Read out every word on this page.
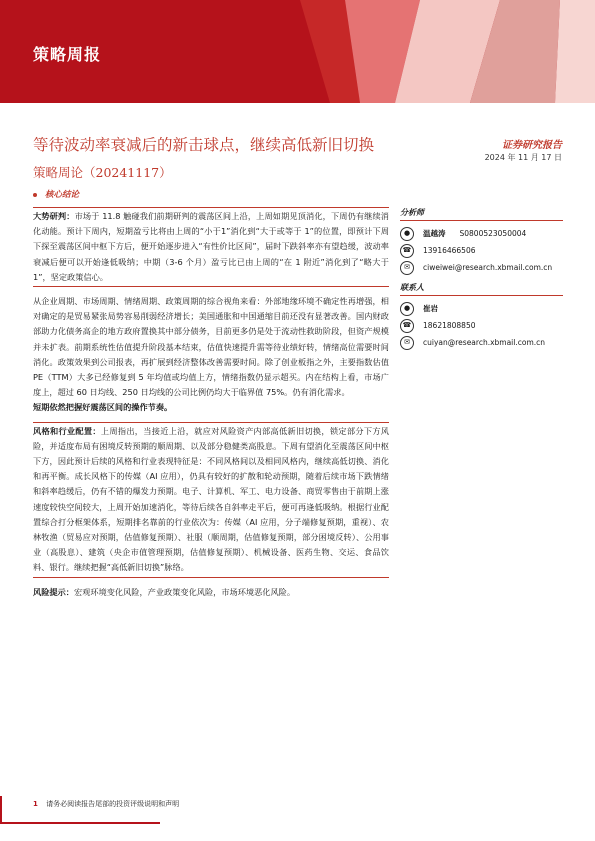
策略周报
等待波动率衰减后的新击球点，继续高低新旧切换
策略周论（20241117）
证券研究报告
2024 年 11 月 17 日
核心结论

大势研判：市场于 11.8 触碰我们前期研判的震荡区间上沿，上周如期见顶消化，下周仍有继续消化动能。预计下周内，短期盈亏比将由上周的“小于1”消化到“大于或等于 1”的位置，即预计下周下探至震荡区间中枢下方后，便开始逐步进入“有性价比区间”，届时下跌斜率亦有望趋缓，波动率衰减后便可以开始逢低吸纳；中期（3-6 个月）盈亏比已由上周的“在 1 附近”消化到了“略大于 1”，坚定政策信心。

从企业周期、市场周期、情绪周期、政策周期的综合视角来看：外部地缘环境不确定性再增强，相对确定的是贸易紧张局势容易削弱经济增长；美国通胀和中国通缩目前还没有显著改善。国内财政部助力化债务高企的地方政府置换其中部分债务，目前更多仍是处于流动性救助阶段，但资产规模并未扩表。前期系统性估值提升阶段基本结束，估值快速提升需等待业绩好转，情绪高位需要时间消化。政策效果到公司报表，再扩展到经济整体改善需要时间。除了创业板指之外，主要指数估值 PE（TTM）大多已经修复到 5 年均值或均值上方，情绪指数仍显示超买。内在结构上看，市场广度上，超过 60 日均线、250 日均线的公司比例仍均大于临界值 75%。仍有消化需求。

短期依然把握好震荡区间的操作节奏。

风格和行业配置：上周指出，当接近上沿，就应对风险资产内部高低新旧切换，锁定部分下方风险，并适度布局有困境反转预期的顺周期、以及部分稳健类高股息。下周有望消化至震荡区间中枢下方，因此预计后续的风格和行业表现特征是：不同风格间以及相同风格内，继续高低切换、消化和再平衡。成长风格下的传媒（AI 应用），仍具有较好的扩散和轮动预期，随着后续市场下跌情绪和斜率趋缓后，仍有不错的爆发力预期。电子、计算机、军工、电力设备、商贸零售由于前期上涨速度较快空间较大，上周开始加速消化，等待后续各自斜率走平后，便可再逢低吸纳。根据行业配置综合打分框架体系，短期排名靠前的行业依次为：传媒（AI 应用，分子端修复预期，重视）、农林牧渔（贸易应对预期，估值修复预期）、社服（顺周期，估值修复预期，部分困境反转）、公用事业（高股息）、建筑（央企市值管理预期，估值修复预期）、机械设备、医药生物、交运、食品饮料、银行。继续把握“高低新旧切换”脉络。

风险提示：宏观环境变化风险，产业政策变化风险，市场环境恶化风险。

分析师
●	温越涛 S0800523050004
☎	13916466506
✉	ciweiwei@research.xbmail.com.cn
联系人
●	崔岩
☎	18621808850
✉	cuiyan@research.xbmail.com.cn
1 请务必阅读报告尾部的投资评级说明和声明
